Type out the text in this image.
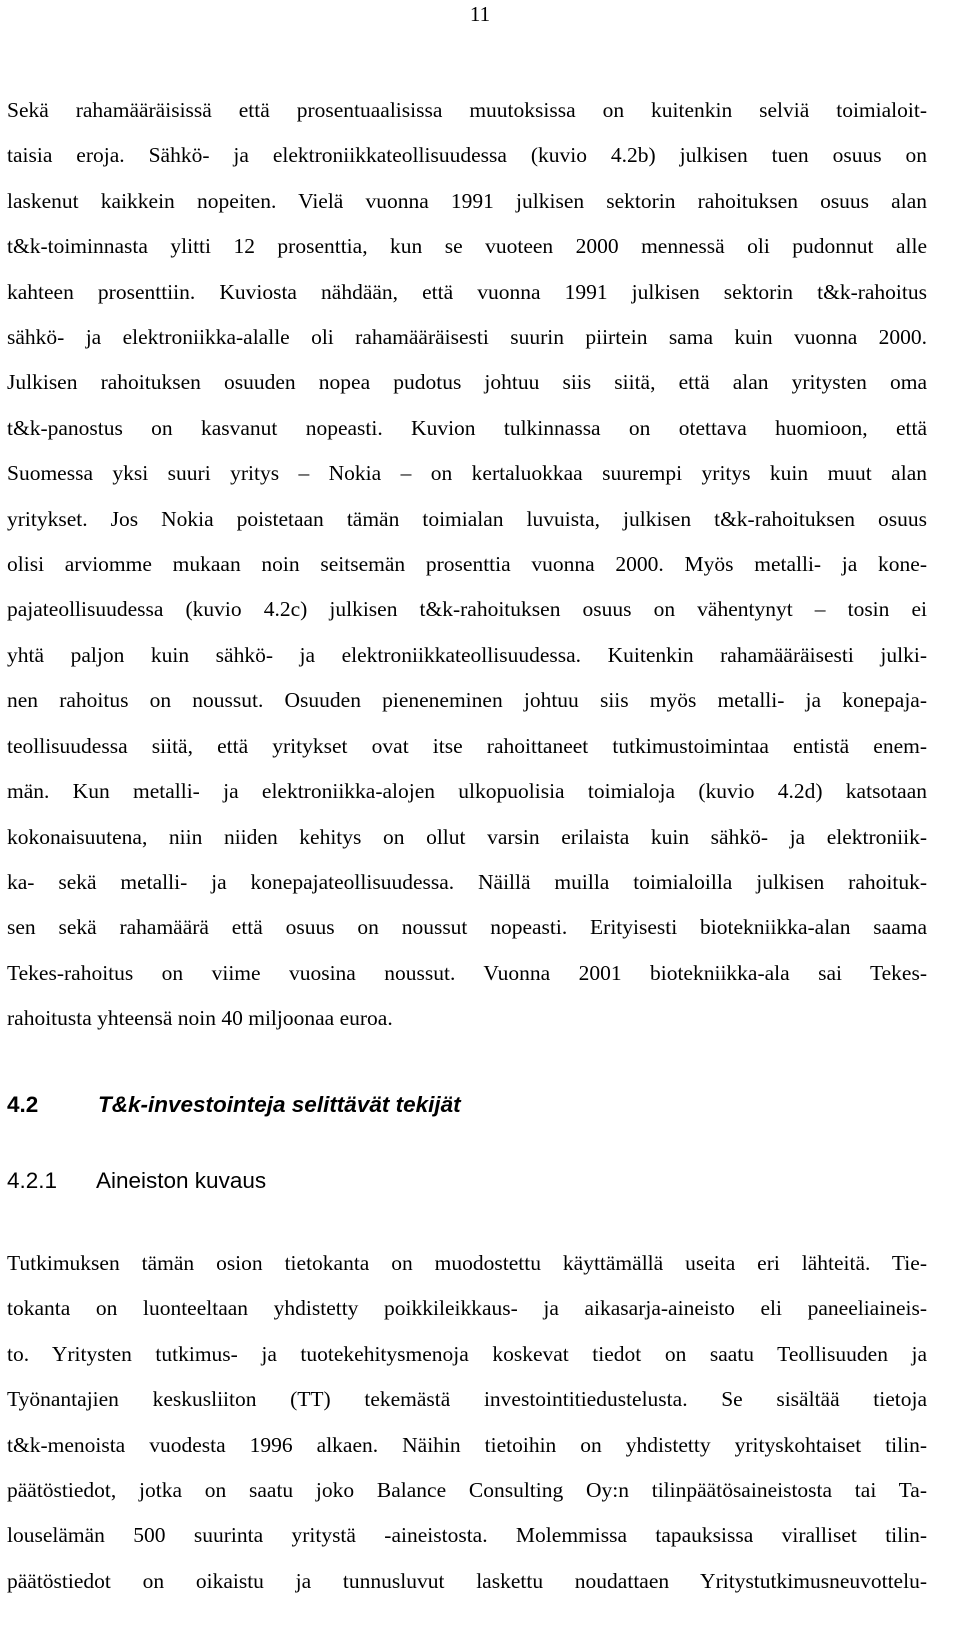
11
Sekä rahamääräisissä että prosentuaalisissa muutoksissa on kuitenkin selviä toimialoit-
taisia eroja. Sähkö- ja elektroniikkateollisuudessa (kuvio 4.2b) julkisen tuen osuus on
laskenut kaikkein nopeiten. Vielä vuonna 1991 julkisen sektorin rahoituksen osuus alan
t&k-toiminnasta ylitti 12 prosenttia, kun se vuoteen 2000 mennessä oli pudonnut alle
kahteen prosenttiin. Kuviosta nähdään, että vuonna 1991 julkisen sektorin t&k-rahoitus
sähkö- ja elektroniikka-alalle oli rahamääräisesti suurin piirtein sama kuin vuonna 2000.
Julkisen rahoituksen osuuden nopea pudotus johtuu siis siitä, että alan yritysten oma
t&k-panostus on kasvanut nopeasti. Kuvion tulkinnassa on otettava huomioon, että
Suomessa yksi suuri yritys – Nokia – on kertaluokkaa suurempi yritys kuin muut alan
yritykset. Jos Nokia poistetaan tämän toimialan luvuista, julkisen t&k-rahoituksen osuus
olisi arviomme mukaan noin seitsemän prosenttia vuonna 2000. Myös metalli- ja kone-
pajateollisuudessa (kuvio 4.2c) julkisen t&k-rahoituksen osuus on vähentynyt – tosin ei
yhtä paljon kuin sähkö- ja elektroniikkateollisuudessa. Kuitenkin rahamääräisesti julki-
nen rahoitus on noussut. Osuuden pieneneminen johtuu siis myös metalli- ja konepaja-
teollisuudessa siitä, että yritykset ovat itse rahoittaneet tutkimustoimintaa entistä enem-
män. Kun metalli- ja elektroniikka-alojen ulkopuolisia toimialoja (kuvio 4.2d) katsotaan
kokonaisuutena, niin niiden kehitys on ollut varsin erilaista kuin sähkö- ja elektroniik-
ka- sekä metalli- ja konepajateollisuudessa. Näillä muilla toimialoilla julkisen rahoituk-
sen sekä rahamäärä että osuus on noussut nopeasti. Erityisesti biotekniikka-alan saama
Tekes-rahoitus on viime vuosina noussut. Vuonna 2001 biotekniikka-ala sai Tekes-
rahoitusta yhteensä noin 40 miljoonaa euroa.
4.2	T&k-investointeja selittävät tekijät
4.2.1 Aineiston kuvaus
Tutkimuksen tämän osion tietokanta on muodostettu käyttämällä useita eri lähteitä. Tie-
tokanta on luonteeltaan yhdistetty poikkileikkaus- ja aikasarja-aineisto eli paneeliaineis-
to. Yritysten tutkimus- ja tuotekehitysmenoja koskevat tiedot on saatu Teollisuuden ja
Työnantajien keskusliiton (TT) tekemästä investointitiedustelusta. Se sisältää tietoja
t&k-menoista vuodesta 1996 alkaen. Näihin tietoihin on yhdistetty yrityskohtaiset tilin-
päätöstiedot, jotka on saatu joko Balance Consulting Oy:n tilinpäätösaineistosta tai Ta-
louselämän 500 suurinta yritystä -aineistosta. Molemmissa tapauksissa viralliset tilin-
päätöstiedot on oikaistu ja tunnusluvut laskettu noudattaen Yritystutkimusneuvottelu-
